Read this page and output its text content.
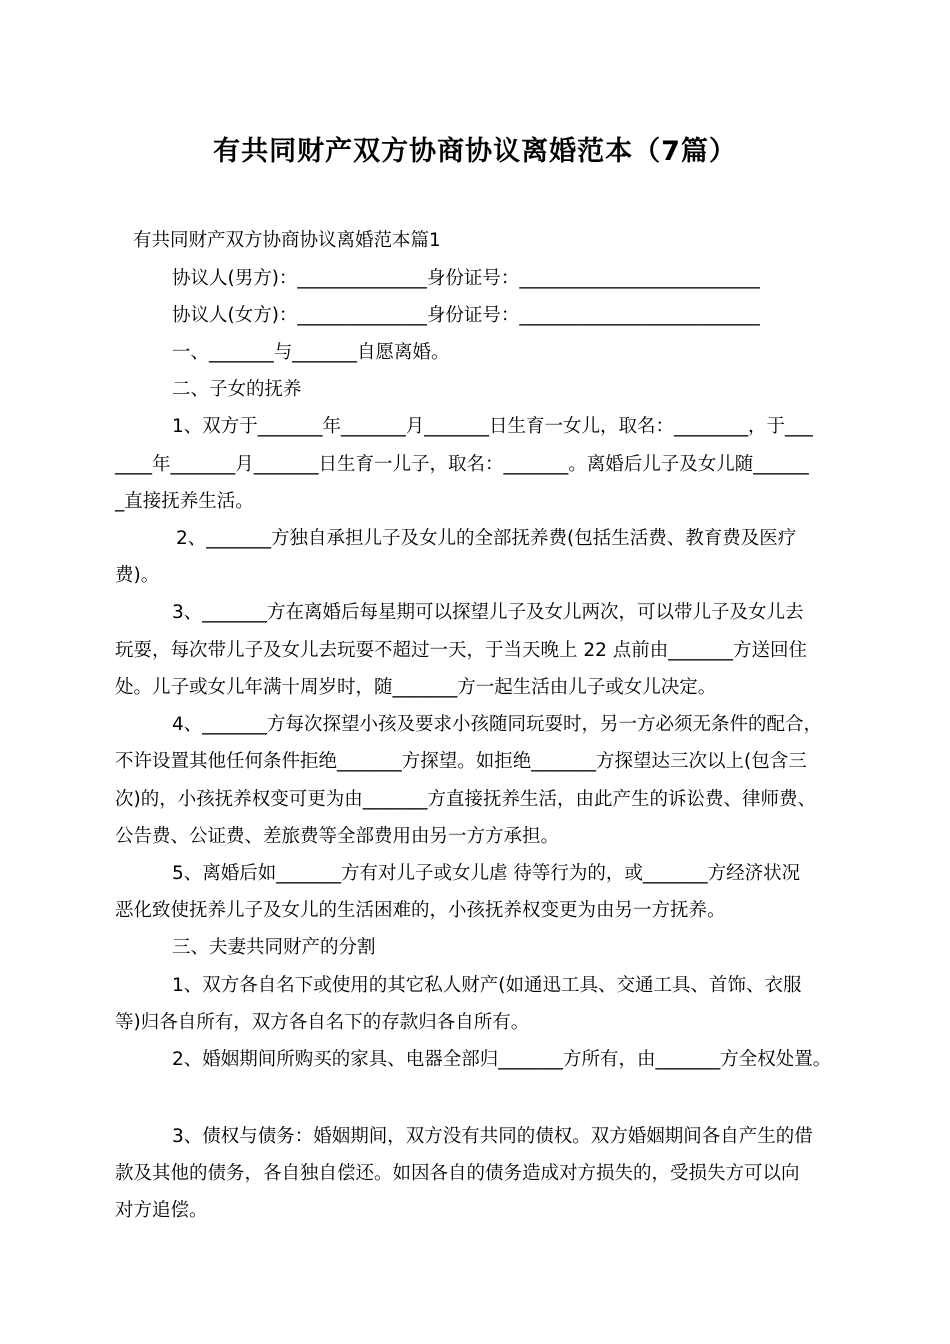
有共同财产双方协商协议离婚范本（7篇）
有共同财产双方协商协议离婚范本篇1
协议人(男方)：______________身份证号：__________________________
协议人(女方)：______________身份证号：__________________________
一、_______与_______自愿离婚。
二、子女的抚养
1、双方于_______年_______月_______日生育一女儿，取名：________，于___
____年_______月_______日生育一儿子，取名：_______。离婚后儿子及女儿随______
_直接抚养生活。
2、_______方独自承担儿子及女儿的全部抚养费(包括生活费、教育费及医疗
费)。
3、_______方在离婚后每星期可以探望儿子及女儿两次，可以带儿子及女儿去
玩耍，每次带儿子及女儿去玩耍不超过一天，于当天晚上 22 点前由_______方送回住
处。儿子或女儿年满十周岁时，随_______方一起生活由儿子或女儿决定。
4、_______方每次探望小孩及要求小孩随同玩耍时，另一方必须无条件的配合，
不许设置其他任何条件拒绝_______方探望。如拒绝_______方探望达三次以上(包含三
次)的，小孩抚养权变可更为由_______方直接抚养生活，由此产生的诉讼费、律师费、
公告费、公证费、差旅费等全部费用由另一方方承担。
5、离婚后如_______方有对儿子或女儿虐 待等行为的，或_______方经济状况
恶化致使抚养儿子及女儿的生活困难的，小孩抚养权变更为由另一方抚养。
三、夫妻共同财产的分割
1、双方各自名下或使用的其它私人财产(如通迅工具、交通工具、首饰、衣服
等)归各自所有，双方各自名下的存款归各自所有。
2、婚姻期间所购买的家具、电器全部归_______方所有，由_______方全权处置。
3、债权与债务：婚姻期间，双方没有共同的债权。双方婚姻期间各自产生的借
款及其他的债务，各自独自偿还。如因各自的债务造成对方损失的，受损失方可以向
对方追偿。
